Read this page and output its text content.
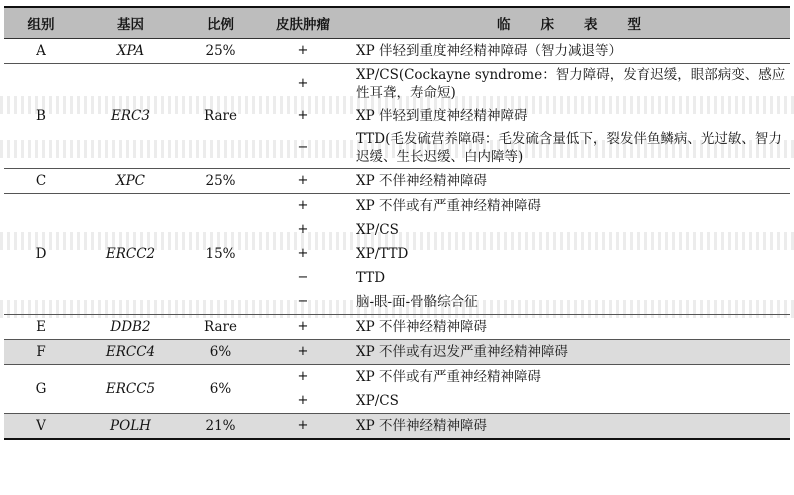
组别	基因	比例	皮肤肿瘤	临床表型
A	XPA	25%	+	XP 伴轻到重度神经精神障碍（智力减退等）
B	ERC3	Rare	+	XP/CS(Cockayne syndrome：智力障碍，发育迟缓，眼部病变、感应性耳聋，寿命短)
			+	XP 伴轻到重度神经精神障碍
			−	TTD(毛发硫营养障碍：毛发硫含量低下，裂发伴鱼鳞病、光过敏、智力迟缓、生长迟缓、白内障等)
C	XPC	25%	+	XP 不伴神经精神障碍
D	ERCC2	15%	+	XP 不伴或有严重神经精神障碍
			+	XP/CS
			+	XP/TTD
			−	TTD
			−	脑-眼-面-骨骼综合征
E	DDB2	Rare	+	XP 不伴神经精神障碍
F	ERCC4	6%	+	XP 不伴或有迟发严重神经精神障碍
G	ERCC5	6%	+	XP 不伴或有严重神经精神障碍
			+	XP/CS
V	POLH	21%	+	XP 不伴神经精神障碍
